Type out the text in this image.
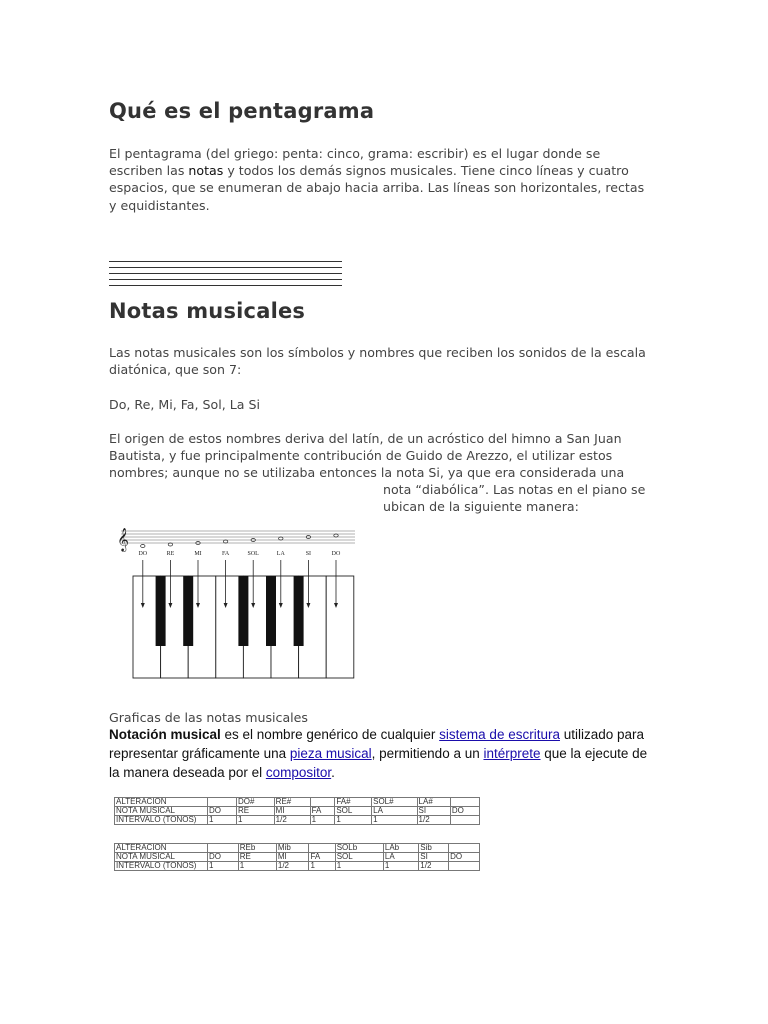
Qué es el pentagrama
El pentagrama (del griego: penta: cinco, grama: escribir) es el lugar donde se escriben las notas y todos los demás signos musicales. Tiene cinco líneas y cuatro espacios, que se enumeran de abajo hacia arriba. Las líneas son horizontales, rectas y equidistantes.
Notas musicales
Las notas musicales son los símbolos y nombres que reciben los sonidos de la escala diatónica, que son 7:
Do, Re, Mi, Fa, Sol, La Si
El origen de estos nombres deriva del latín, de un acróstico del himno a San Juan Bautista, y fue principalmente contribución de Guido de Arezzo, el utilizar estos nombres; aunque no se utilizaba entonces la nota Si, ya que era considerada una
nota “diabólica”. Las notas en el piano se ubican de la siguiente manera:
𝄞
DO	RE	MI	FA	SOL	LA	SI	DO
Graficas de las notas musicales
Notación musical es el nombre genérico de cualquier sistema de escritura utilizado para representar gráficamente una pieza musical, permitiendo a un intérprete que la ejecute de la manera deseada por el compositor.
ALTERACION		DO#	RE#		FA#	SOL#	LA#	
NOTA MUSICAL	DO	RE	MI	FA	SOL	LA	SI	DO
INTERVALO (TONOS)	1	1	1/2	1	1	1	1/2	
ALTERACION		REb	Mib		SOLb	LAb	Sib	
NOTA MUSICAL	DO	RE	MI	FA	SOL	LA	SI	DO
INTERVALO (TONOS)	1	1	1/2	1	1	1	1/2	
